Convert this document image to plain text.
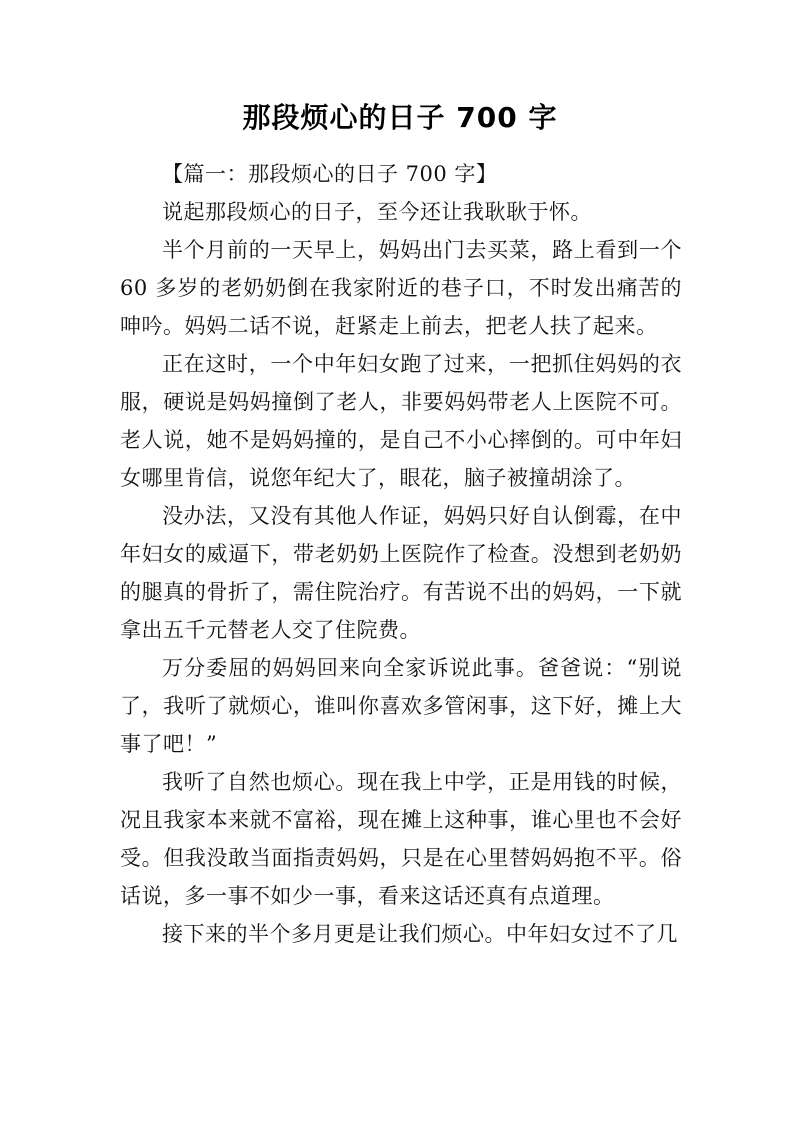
那段烦心的日子 700 字

【篇一：那段烦心的日子 700 字】

说起那段烦心的日子，至今还让我耿耿于怀。

半个月前的一天早上，妈妈出门去买菜，路上看到一个 60 多岁的老奶奶倒在我家附近的巷子口，不时发出痛苦的呻吟。妈妈二话不说，赶紧走上前去，把老人扶了起来。

正在这时，一个中年妇女跑了过来，一把抓住妈妈的衣服，硬说是妈妈撞倒了老人，非要妈妈带老人上医院不可。老人说，她不是妈妈撞的，是自己不小心摔倒的。可中年妇女哪里肯信，说您年纪大了，眼花，脑子被撞胡涂了。

没办法，又没有其他人作证，妈妈只好自认倒霉，在中年妇女的威逼下，带老奶奶上医院作了检查。没想到老奶奶的腿真的骨折了，需住院治疗。有苦说不出的妈妈，一下就拿出五千元替老人交了住院费。

万分委屈的妈妈回来向全家诉说此事。爸爸说：“别说了，我听了就烦心，谁叫你喜欢多管闲事，这下好，摊上大事了吧！”

我听了自然也烦心。现在我上中学，正是用钱的时候，况且我家本来就不富裕，现在摊上这种事，谁心里也不会好受。但我没敢当面指责妈妈，只是在心里替妈妈抱不平。俗话说，多一事不如少一事，看来这话还真有点道理。

接下来的半个多月更是让我们烦心。中年妇女过不了几
